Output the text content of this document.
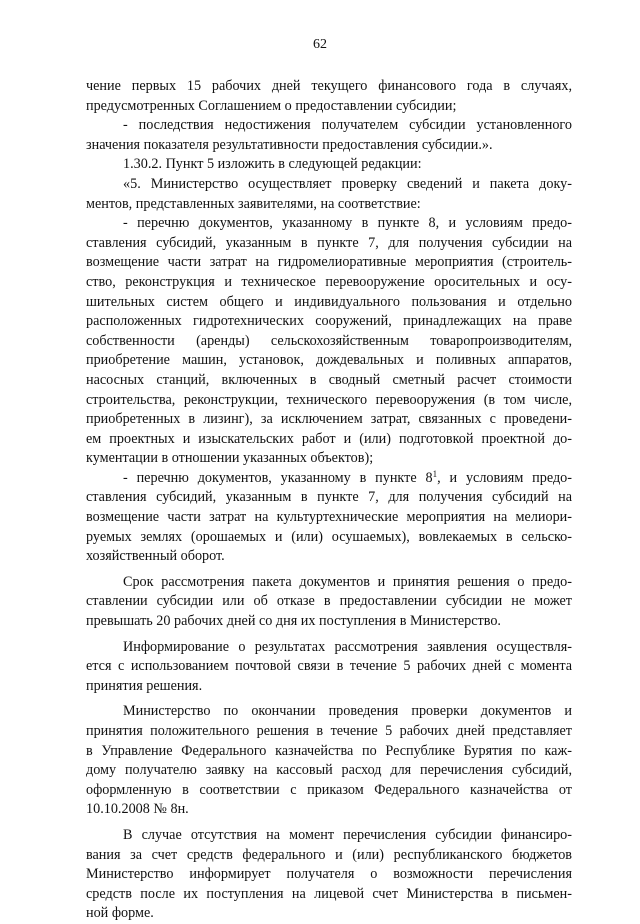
62
чение первых 15 рабочих дней текущего финансового года в случаях,
предусмотренных Соглашением о предоставлении субсидии;
- последствия недостижения получателем субсидии установленного
значения показателя результативности предоставления субсидии.».
1.30.2. Пункт 5 изложить в следующей редакции:
«5. Министерство осуществляет проверку сведений и пакета доку-
ментов, представленных заявителями, на соответствие:
- перечню документов, указанному в пункте 8, и условиям предо-
ставления субсидий, указанным в пункте 7, для получения субсидии на
возмещение части затрат на гидромелиоративные мероприятия (строитель-
ство, реконструкция и техническое перевооружение оросительных и осу-
шительных систем общего и индивидуального пользования и отдельно
расположенных гидротехнических сооружений, принадлежащих на праве
собственности (аренды) сельскохозяйственным товаропроизводителям,
приобретение машин, установок, дождевальных и поливных аппаратов,
насосных станций, включенных в сводный сметный расчет стоимости
строительства, реконструкции, технического перевооружения (в том числе,
приобретенных в лизинг), за исключением затрат, связанных с проведени-
ем проектных и изыскательских работ и (или) подготовкой проектной до-
кументации в отношении указанных объектов);
- перечню документов, указанному в пункте $8^1$, и условиям предо-
ставления субсидий, указанным в пункте 7, для получения субсидий на
возмещение части затрат на культуртехнические мероприятия на мелиори-
руемых землях (орошаемых и (или) осушаемых), вовлекаемых в сельско-
хозяйственный оборот.
Срок рассмотрения пакета документов и принятия решения о предо-
ставлении субсидии или об отказе в предоставлении субсидии не может
превышать 20 рабочих дней со дня их поступления в Министерство.
Информирование о результатах рассмотрения заявления осуществля-
ется с использованием почтовой связи в течение 5 рабочих дней с момента
принятия решения.
Министерство по окончании проведения проверки документов и
принятия положительного решения в течение 5 рабочих дней представляет
в Управление Федерального казначейства по Республике Бурятия по каж-
дому получателю заявку на кассовый расход для перечисления субсидий,
оформленную в соответствии с приказом Федерального казначейства от
10.10.2008 № 8н.
В случае отсутствия на момент перечисления субсидии финансиро-
вания за счет средств федерального и (или) республиканского бюджетов
Министерство информирует получателя о возможности перечисления
средств после их поступления на лицевой счет Министерства в письмен-
ной форме.
